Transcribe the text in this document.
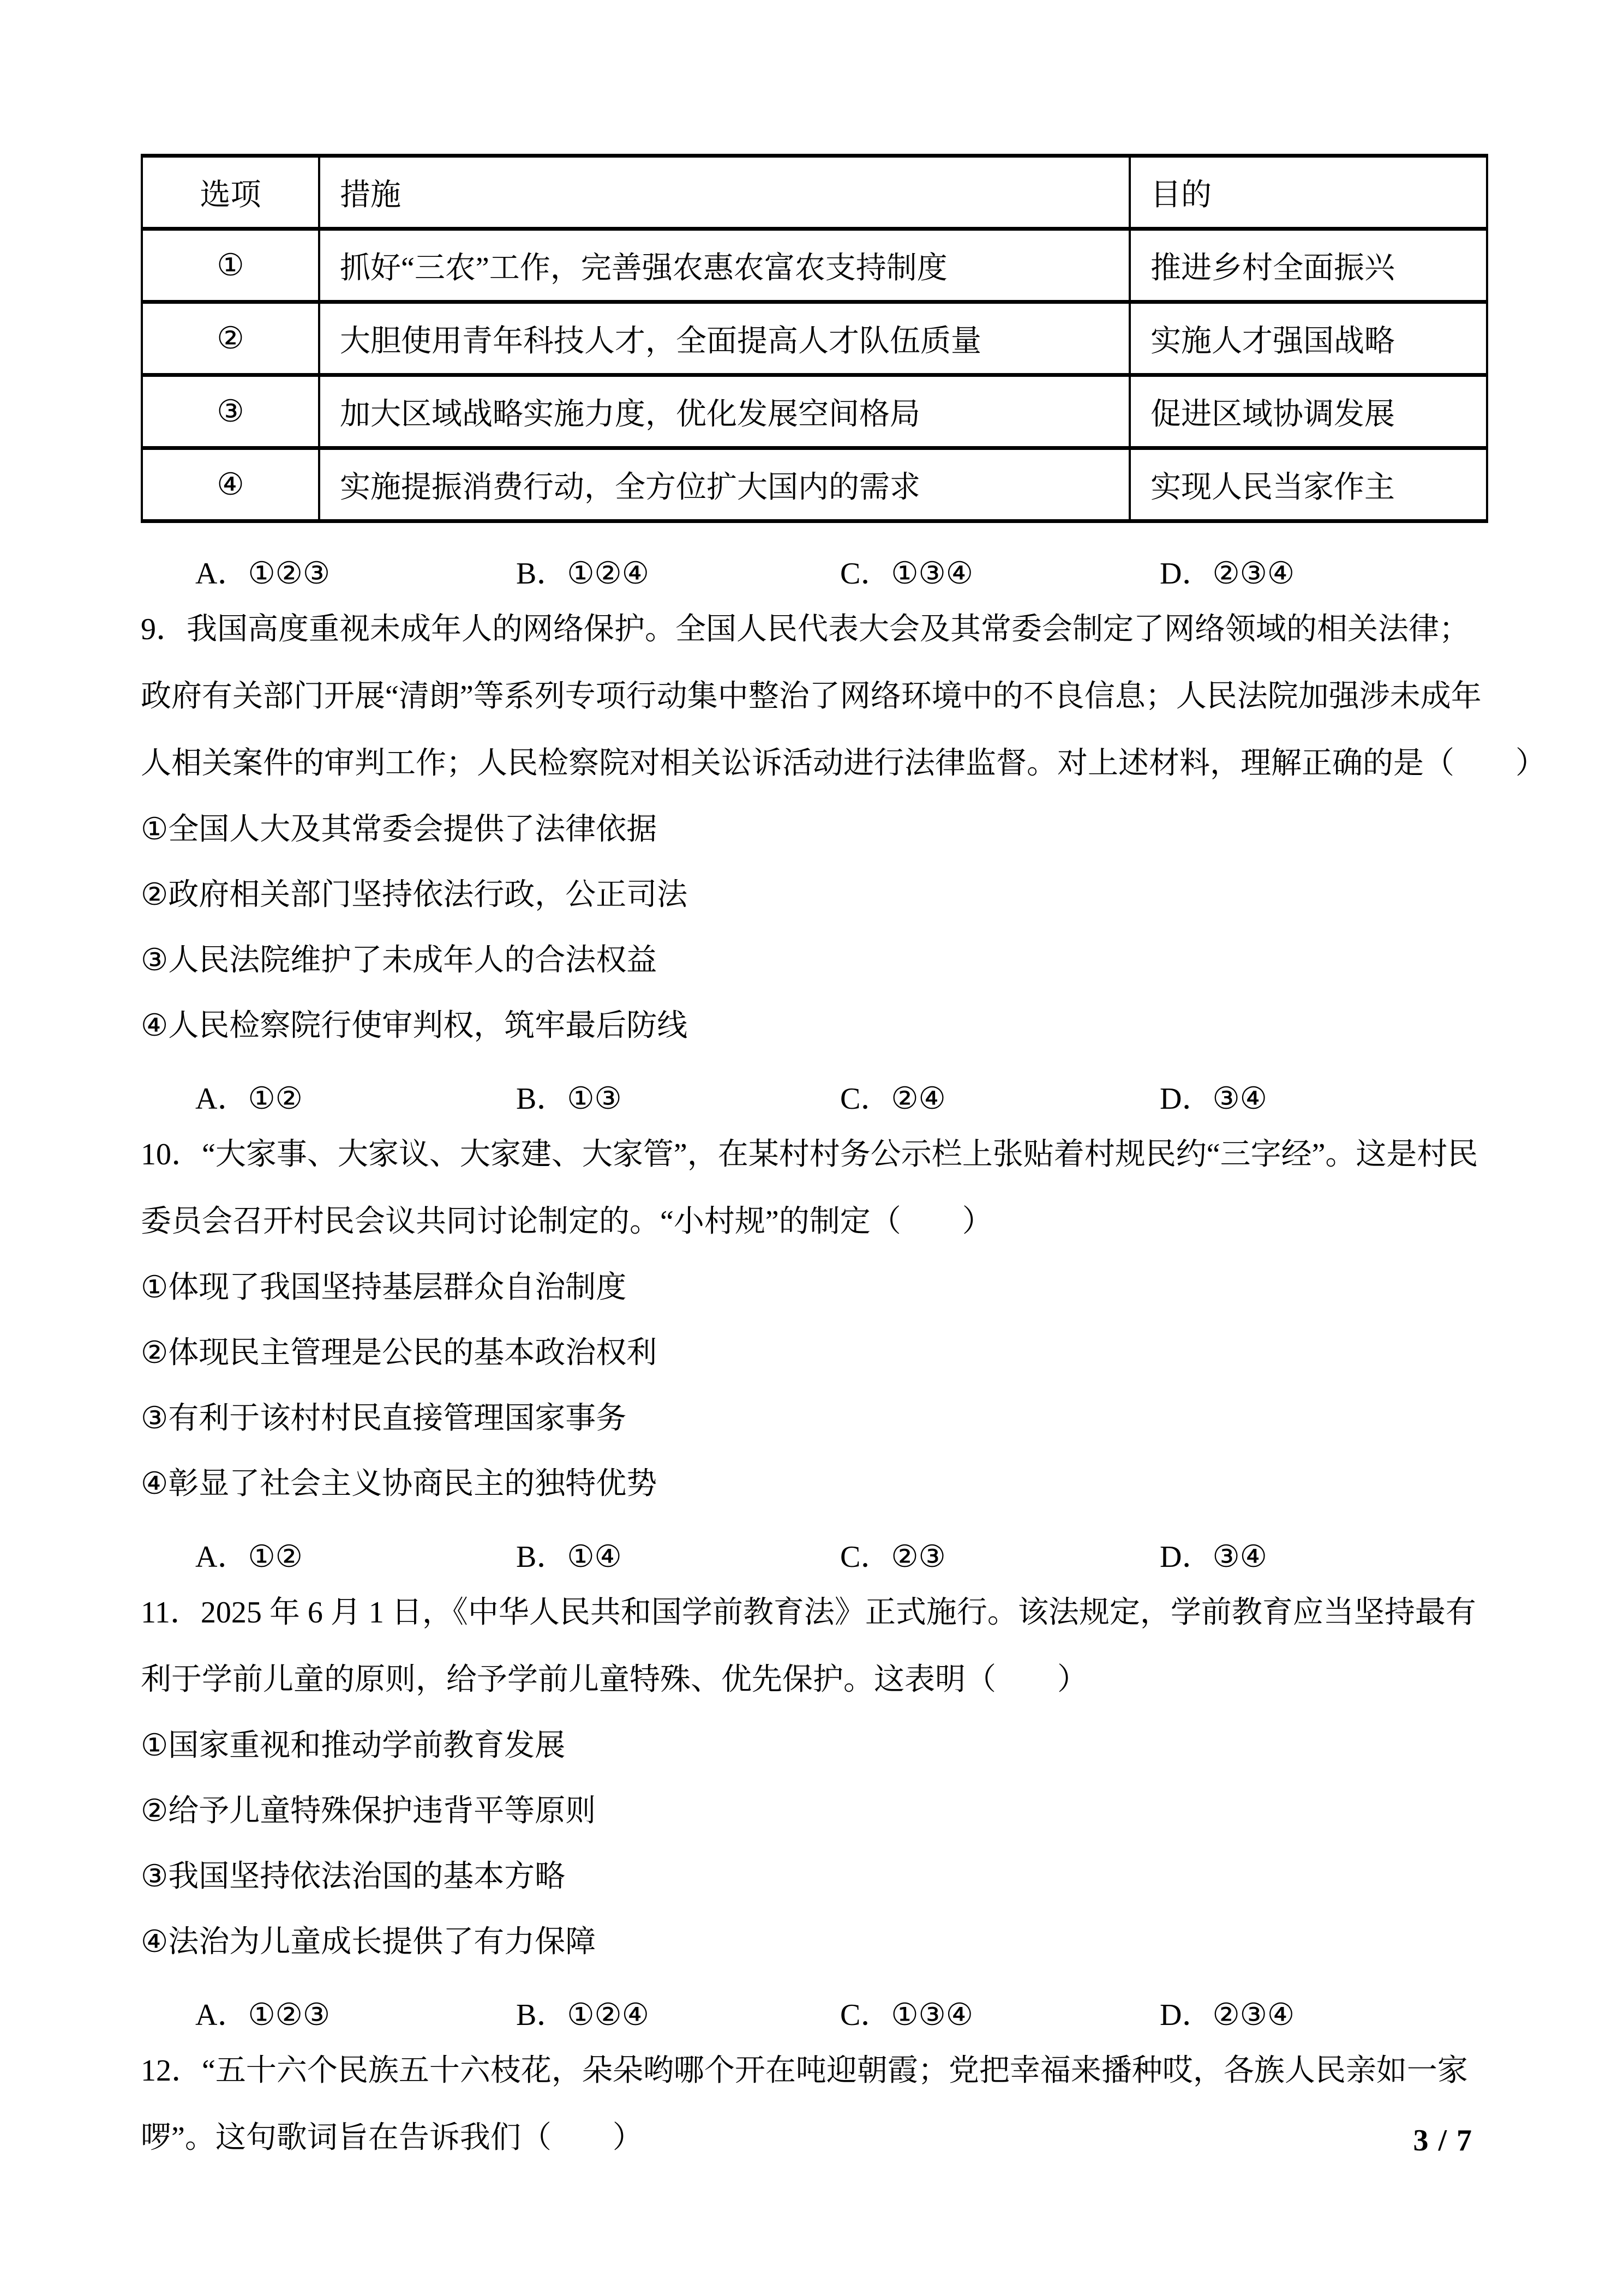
选项	措施	目的
①	抓好“三农”工作，完善强农惠农富农支持制度	推进乡村全面振兴
②	大胆使用青年科技人才，全面提高人才队伍质量	实施人才强国战略
③	加大区域战略实施力度，优化发展空间格局	促进区域协调发展
④	实施提振消费行动，全方位扩大国内的需求	实现人民当家作主
A．①②③	B．①②④	C．①③④	D．②③④
9．我国高度重视未成年人的网络保护。全国人民代表大会及其常委会制定了网络领域的相关法律；
政府有关部门开展“清朗”等系列专项行动集中整治了网络环境中的不良信息；人民法院加强涉未成年
人相关案件的审判工作；人民检察院对相关讼诉活动进行法律监督。对上述材料，理解正确的是（　　）
①全国人大及其常委会提供了法律依据
②政府相关部门坚持依法行政，公正司法
③人民法院维护了未成年人的合法权益
④人民检察院行使审判权，筑牢最后防线
A．①②	B．①③	C．②④	D．③④
10．“大家事、大家议、大家建、大家管”，在某村村务公示栏上张贴着村规民约“三字经”。这是村民
委员会召开村民会议共同讨论制定的。“小村规”的制定（　　）
①体现了我国坚持基层群众自治制度
②体现民主管理是公民的基本政治权利
③有利于该村村民直接管理国家事务
④彰显了社会主义协商民主的独特优势
A．①②	B．①④	C．②③	D．③④
11．2025 年 6 月 1 日，《中华人民共和国学前教育法》正式施行。该法规定，学前教育应当坚持最有
利于学前儿童的原则，给予学前儿童特殊、优先保护。这表明（　　）
①国家重视和推动学前教育发展
②给予儿童特殊保护违背平等原则
③我国坚持依法治国的基本方略
④法治为儿童成长提供了有力保障
A．①②③	B．①②④	C．①③④	D．②③④
12．“五十六个民族五十六枝花，朵朵哟哪个开在吨迎朝霞；党把幸福来播种哎，各族人民亲如一家
啰”。这句歌词旨在告诉我们（　　）	3 / 7
